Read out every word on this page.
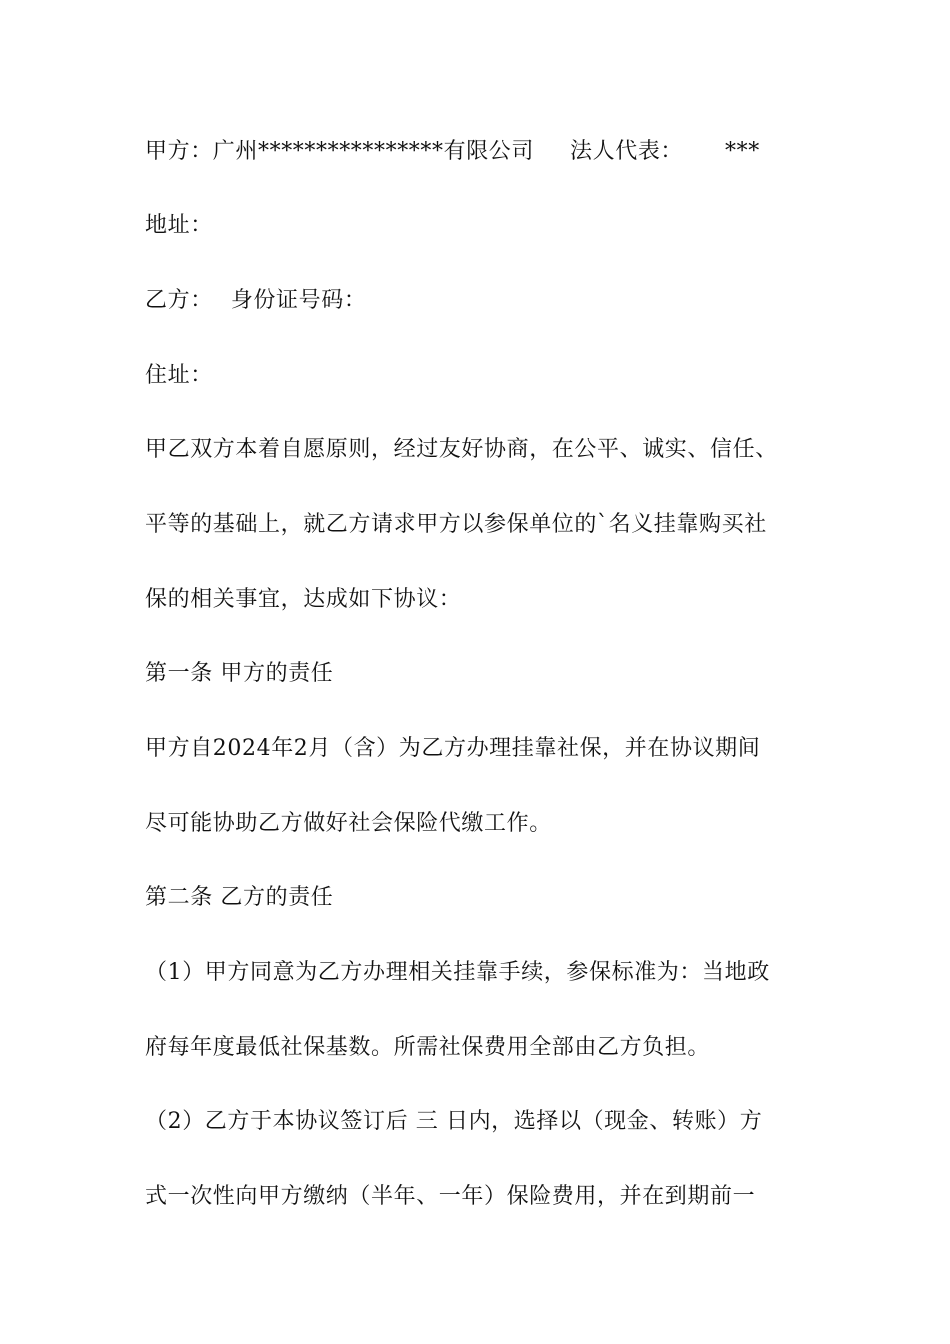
甲方：广州****************有限公司 法人代表： ***
地址：
乙方： 身份证号码：
住址：
甲乙双方本着自愿原则，经过友好协商，在公平、诚实、信任、
平等的基础上，就乙方请求甲方以参保单位的`名义挂靠购买社
保的相关事宜，达成如下协议：
第一条 甲方的责任
甲方自2024年2月（含）为乙方办理挂靠社保，并在协议期间
尽可能协助乙方做好社会保险代缴工作。
第二条 乙方的责任
（1）甲方同意为乙方办理相关挂靠手续，参保标准为：当地政
府每年度最低社保基数。所需社保费用全部由乙方负担。
（2）乙方于本协议签订后 三 日内，选择以（现金、转账）方
式一次性向甲方缴纳（半年、一年）保险费用，并在到期前一
